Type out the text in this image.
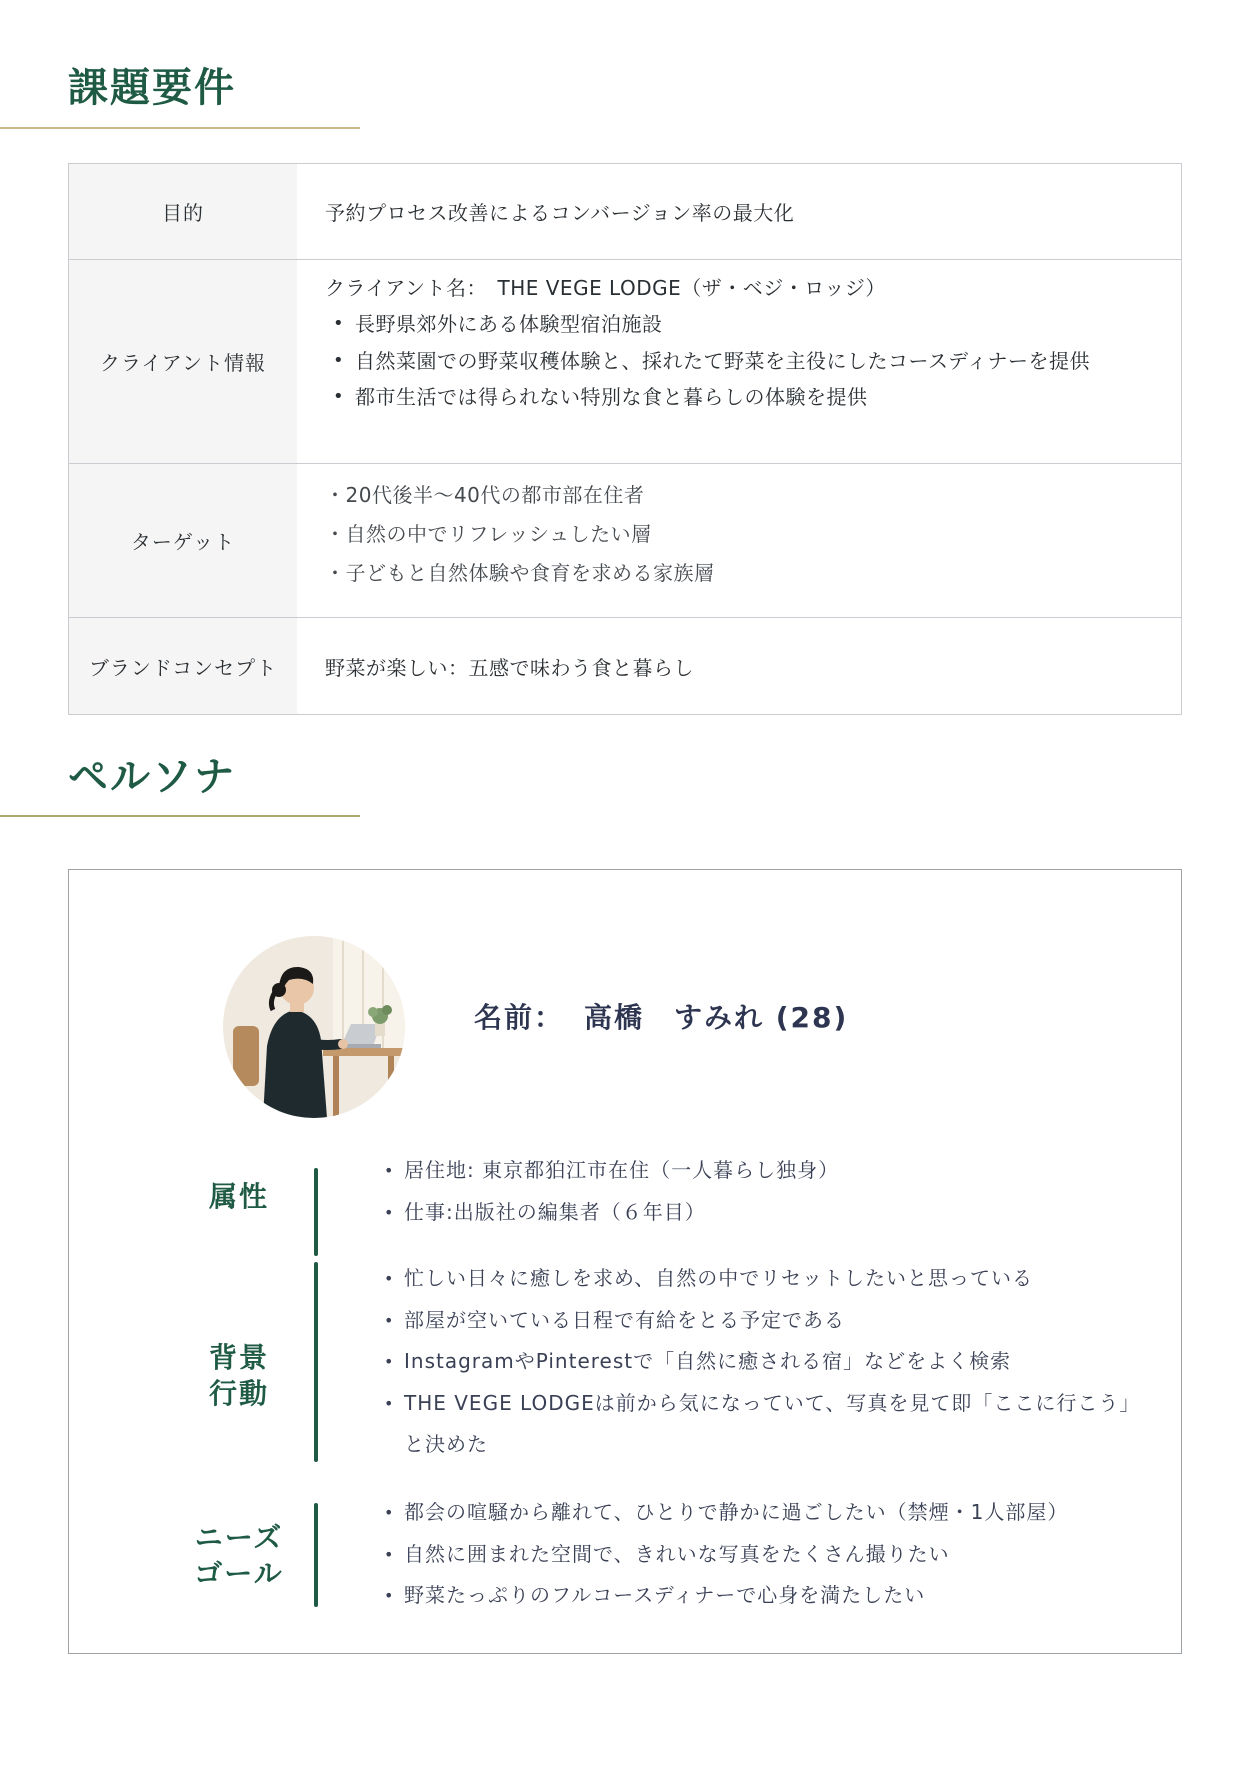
課題要件
目的	予約プロセス改善によるコンバージョン率の最大化
クライアント情報
クライアント名：　THE VEGE LODGE（ザ・ベジ・ロッジ）
• 長野県郊外にある体験型宿泊施設
• 自然菜園での野菜収穫体験と、採れたて野菜を主役にしたコースディナーを提供
• 都市生活では得られない特別な食と暮らしの体験を提供
ターゲット
・20代後半〜40代の都市部在住者
・自然の中でリフレッシュしたい層
・子どもと自然体験や食育を求める家族層
ブランドコンセプト	野菜が楽しい：五感で味わう食と暮らし
ペルソナ
名前： 高橋　すみれ (28)
属性
• 居住地: 東京都狛江市在住（一人暮らし独身）
• 仕事:出版社の編集者（６年目）
背景
行動
• 忙しい日々に癒しを求め、自然の中でリセットしたいと思っている
• 部屋が空いている日程で有給をとる予定である
• InstagramやPinterestで「自然に癒される宿」などをよく検索
• THE VEGE LODGEは前から気になっていて、写真を見て即「ここに行こう」と決めた
ニーズ
ゴール
• 都会の喧騒から離れて、ひとりで静かに過ごしたい（禁煙・1人部屋）
• 自然に囲まれた空間で、きれいな写真をたくさん撮りたい
• 野菜たっぷりのフルコースディナーで心身を満たしたい
